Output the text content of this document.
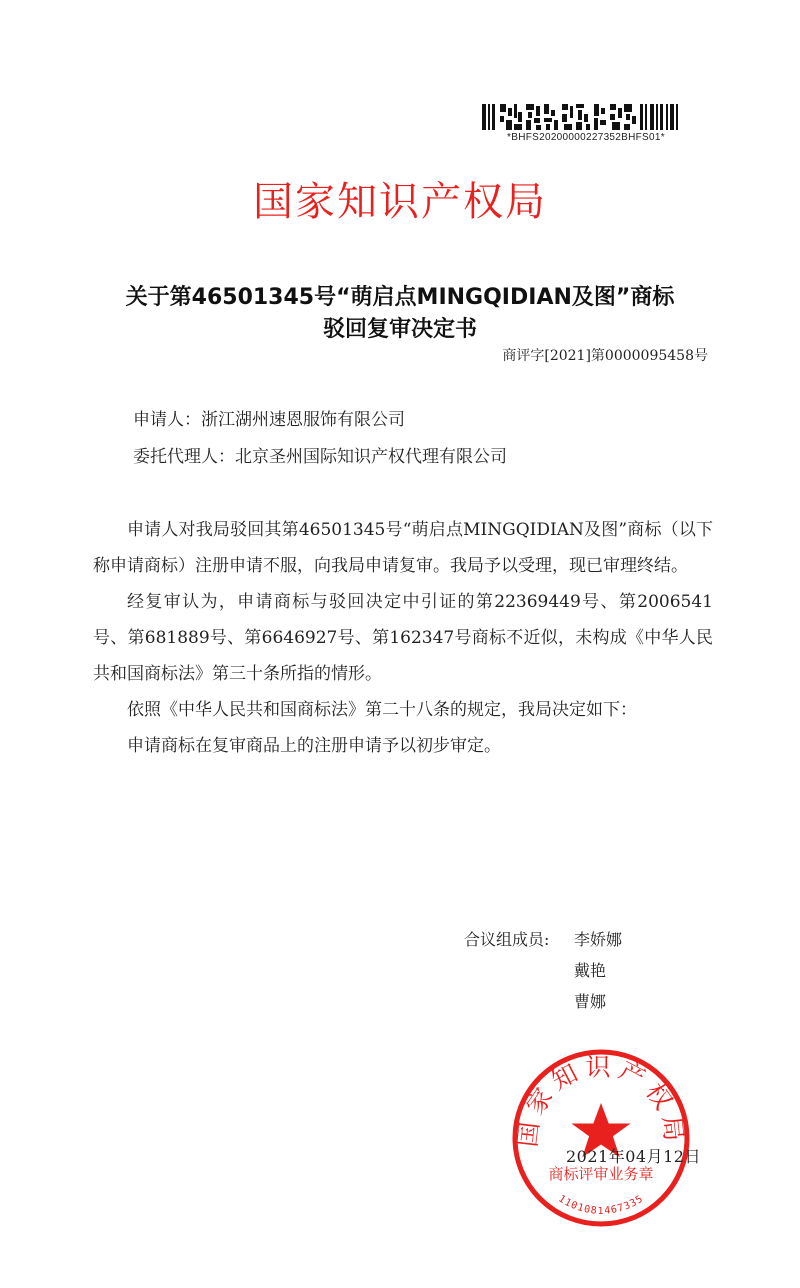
*BHFS20200000227352BHFS01*
国家知识产权局
关于第46501345号“萌启点MINGQIDIAN及图”商标
驳回复审决定书
商评字[2021]第0000095458号
申请人：浙江湖州速恩服饰有限公司
委托代理人：北京圣州国际知识产权代理有限公司

申请人对我局驳回其第46501345号“萌启点MINGQIDIAN及图”商标（以下称申请商标）注册申请不服，向我局申请复审。我局予以受理，现已审理终结。

经复审认为，申请商标与驳回决定中引证的第22369449号、第2006541号、第681889号、第6646927号、第162347号商标不近似，未构成《中华人民共和国商标法》第三十条所指的情形。

依照《中华人民共和国商标法》第二十八条的规定，我局决定如下：

申请商标在复审商品上的注册申请予以初步审定。

合议组成员:	李娇娜
戴艳
曹娜
国家知识产权局
商标评审业务章
1101081467335
2021年04月12日
